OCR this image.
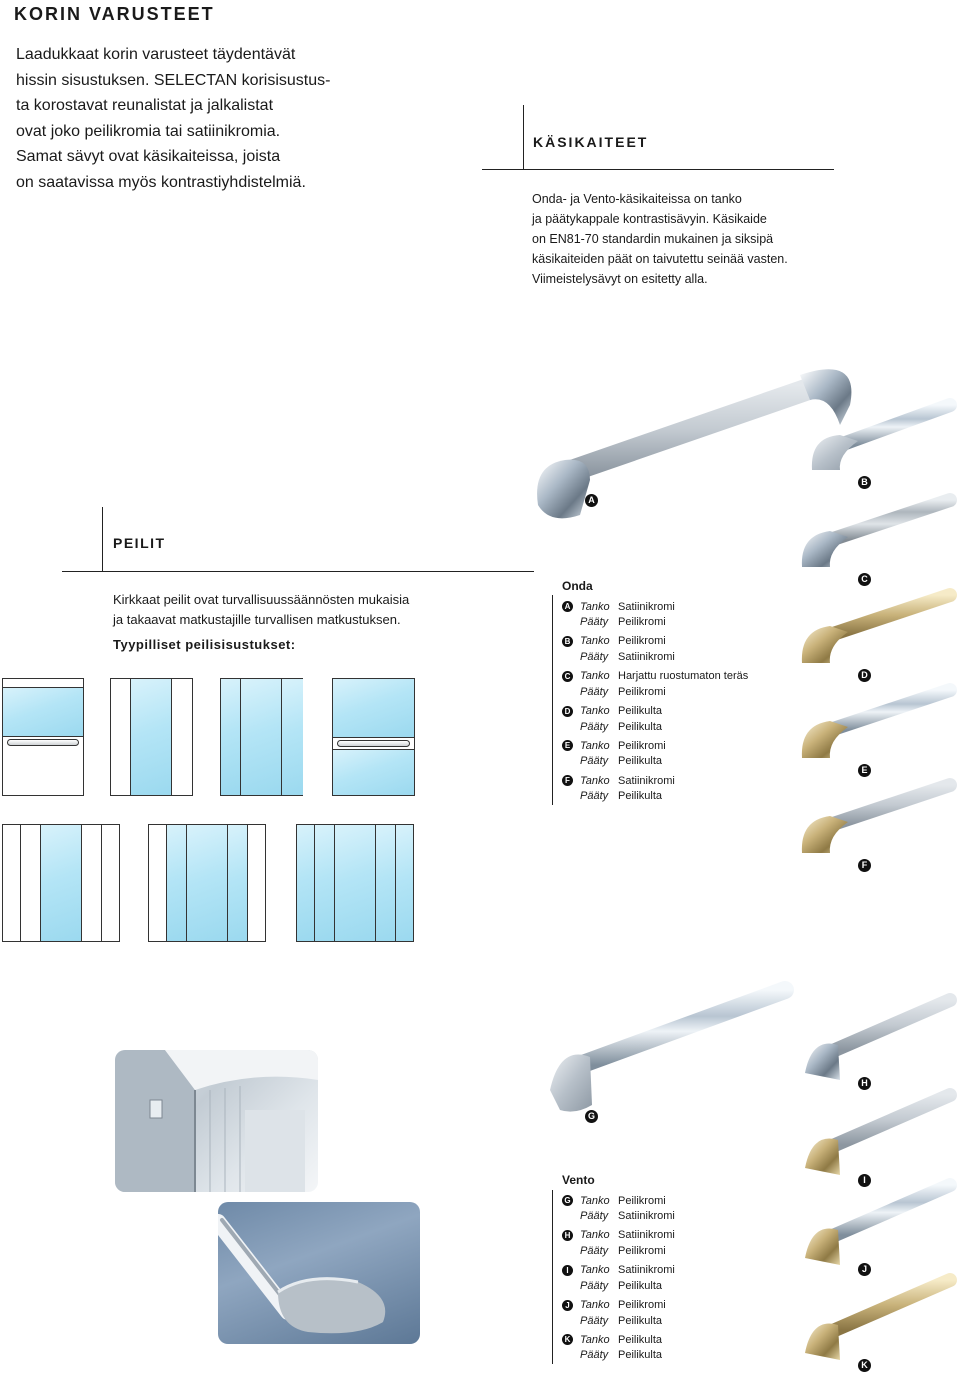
KORIN VARUSTEET
Laadukkaat korin varusteet täydentävät
hissin sisustuksen. SELECTAN korisisustus-
ta korostavat reunalistat ja jalkalistat
ovat joko peilikromia tai satiinikromia.
Samat sävyt ovat käsikaiteissa, joista
on saatavissa myös kontrastiyhdistelmiä.
KÄSIKAITEET
Onda- ja Vento-käsikaiteissa on tanko
ja päätykappale kontrastisävyin. Käsikaide
on EN81-70 standardin mukainen ja siksipä
käsikaiteiden päät on taivutettu seinää vasten.
Viimeistelysävyt on esitetty alla.
A
B
C
D
E
F
G
H
I
J
K
PEILIT
Kirkkaat peilit ovat turvallisuussäännösten mukaisia
ja takaavat matkustajille turvallisen matkustuksen.
Tyypilliset peilisisustukset:
Onda
A Tanko Satiinikromi
Pääty Peilikromi
B Tanko Peilikromi
Pääty Satiinikromi
C Tanko Harjattu ruostumaton teräs
Pääty Peilikromi
D Tanko Peilikulta
Pääty Peilikulta
E Tanko Peilikromi
Pääty Peilikulta
F Tanko Satiinikromi
Pääty Peilikulta
Vento
G Tanko Peilikromi
Pääty Satiinikromi
H Tanko Satiinikromi
Pääty Peilikromi
I	Tanko Satiinikromi
Pääty Peilikulta
J Tanko Peilikromi
Pääty Peilikulta
K Tanko Peilikulta
Pääty Peilikulta
